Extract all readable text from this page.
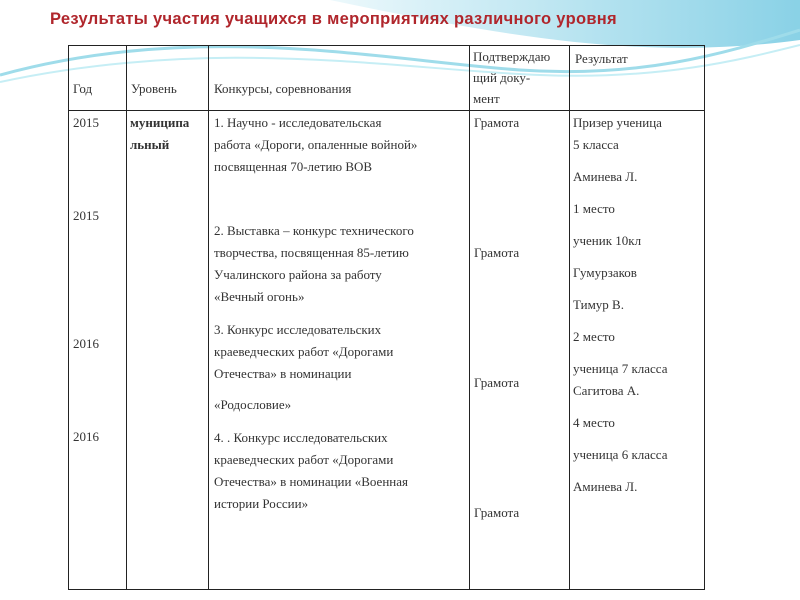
Результаты участия учащихся в мероприятиях различного уровня
Год	Уровень	Конкурсы, соревнования
Подтверждаю
щий доку-
мент
Результат
2015
2015
2016
2016
муниципа
льный
1. Научно - исследовательская
работа «Дороги, опаленные войной»
посвященная 70-летию ВОВ
2. Выставка – конкурс технического
творчества, посвященная 85-летию
Учалинского района за работу
«Вечный огонь»
3. Конкурс исследовательских
краеведческих работ «Дорогами
Отечества» в номинации
«Родословие»
4. . Конкурс исследовательских
краеведческих работ «Дорогами
Отечества» в номинации «Военная
истории России»
Грамота
Грамота
Грамота
Грамота
Призер ученица
5 класса
Аминева Л.
1 место
ученик 10кл
Гумурзаков
Тимур В.
2 место
ученица 7 класса
Сагитова А.
4 место
ученица 6 класса
Аминева Л.
